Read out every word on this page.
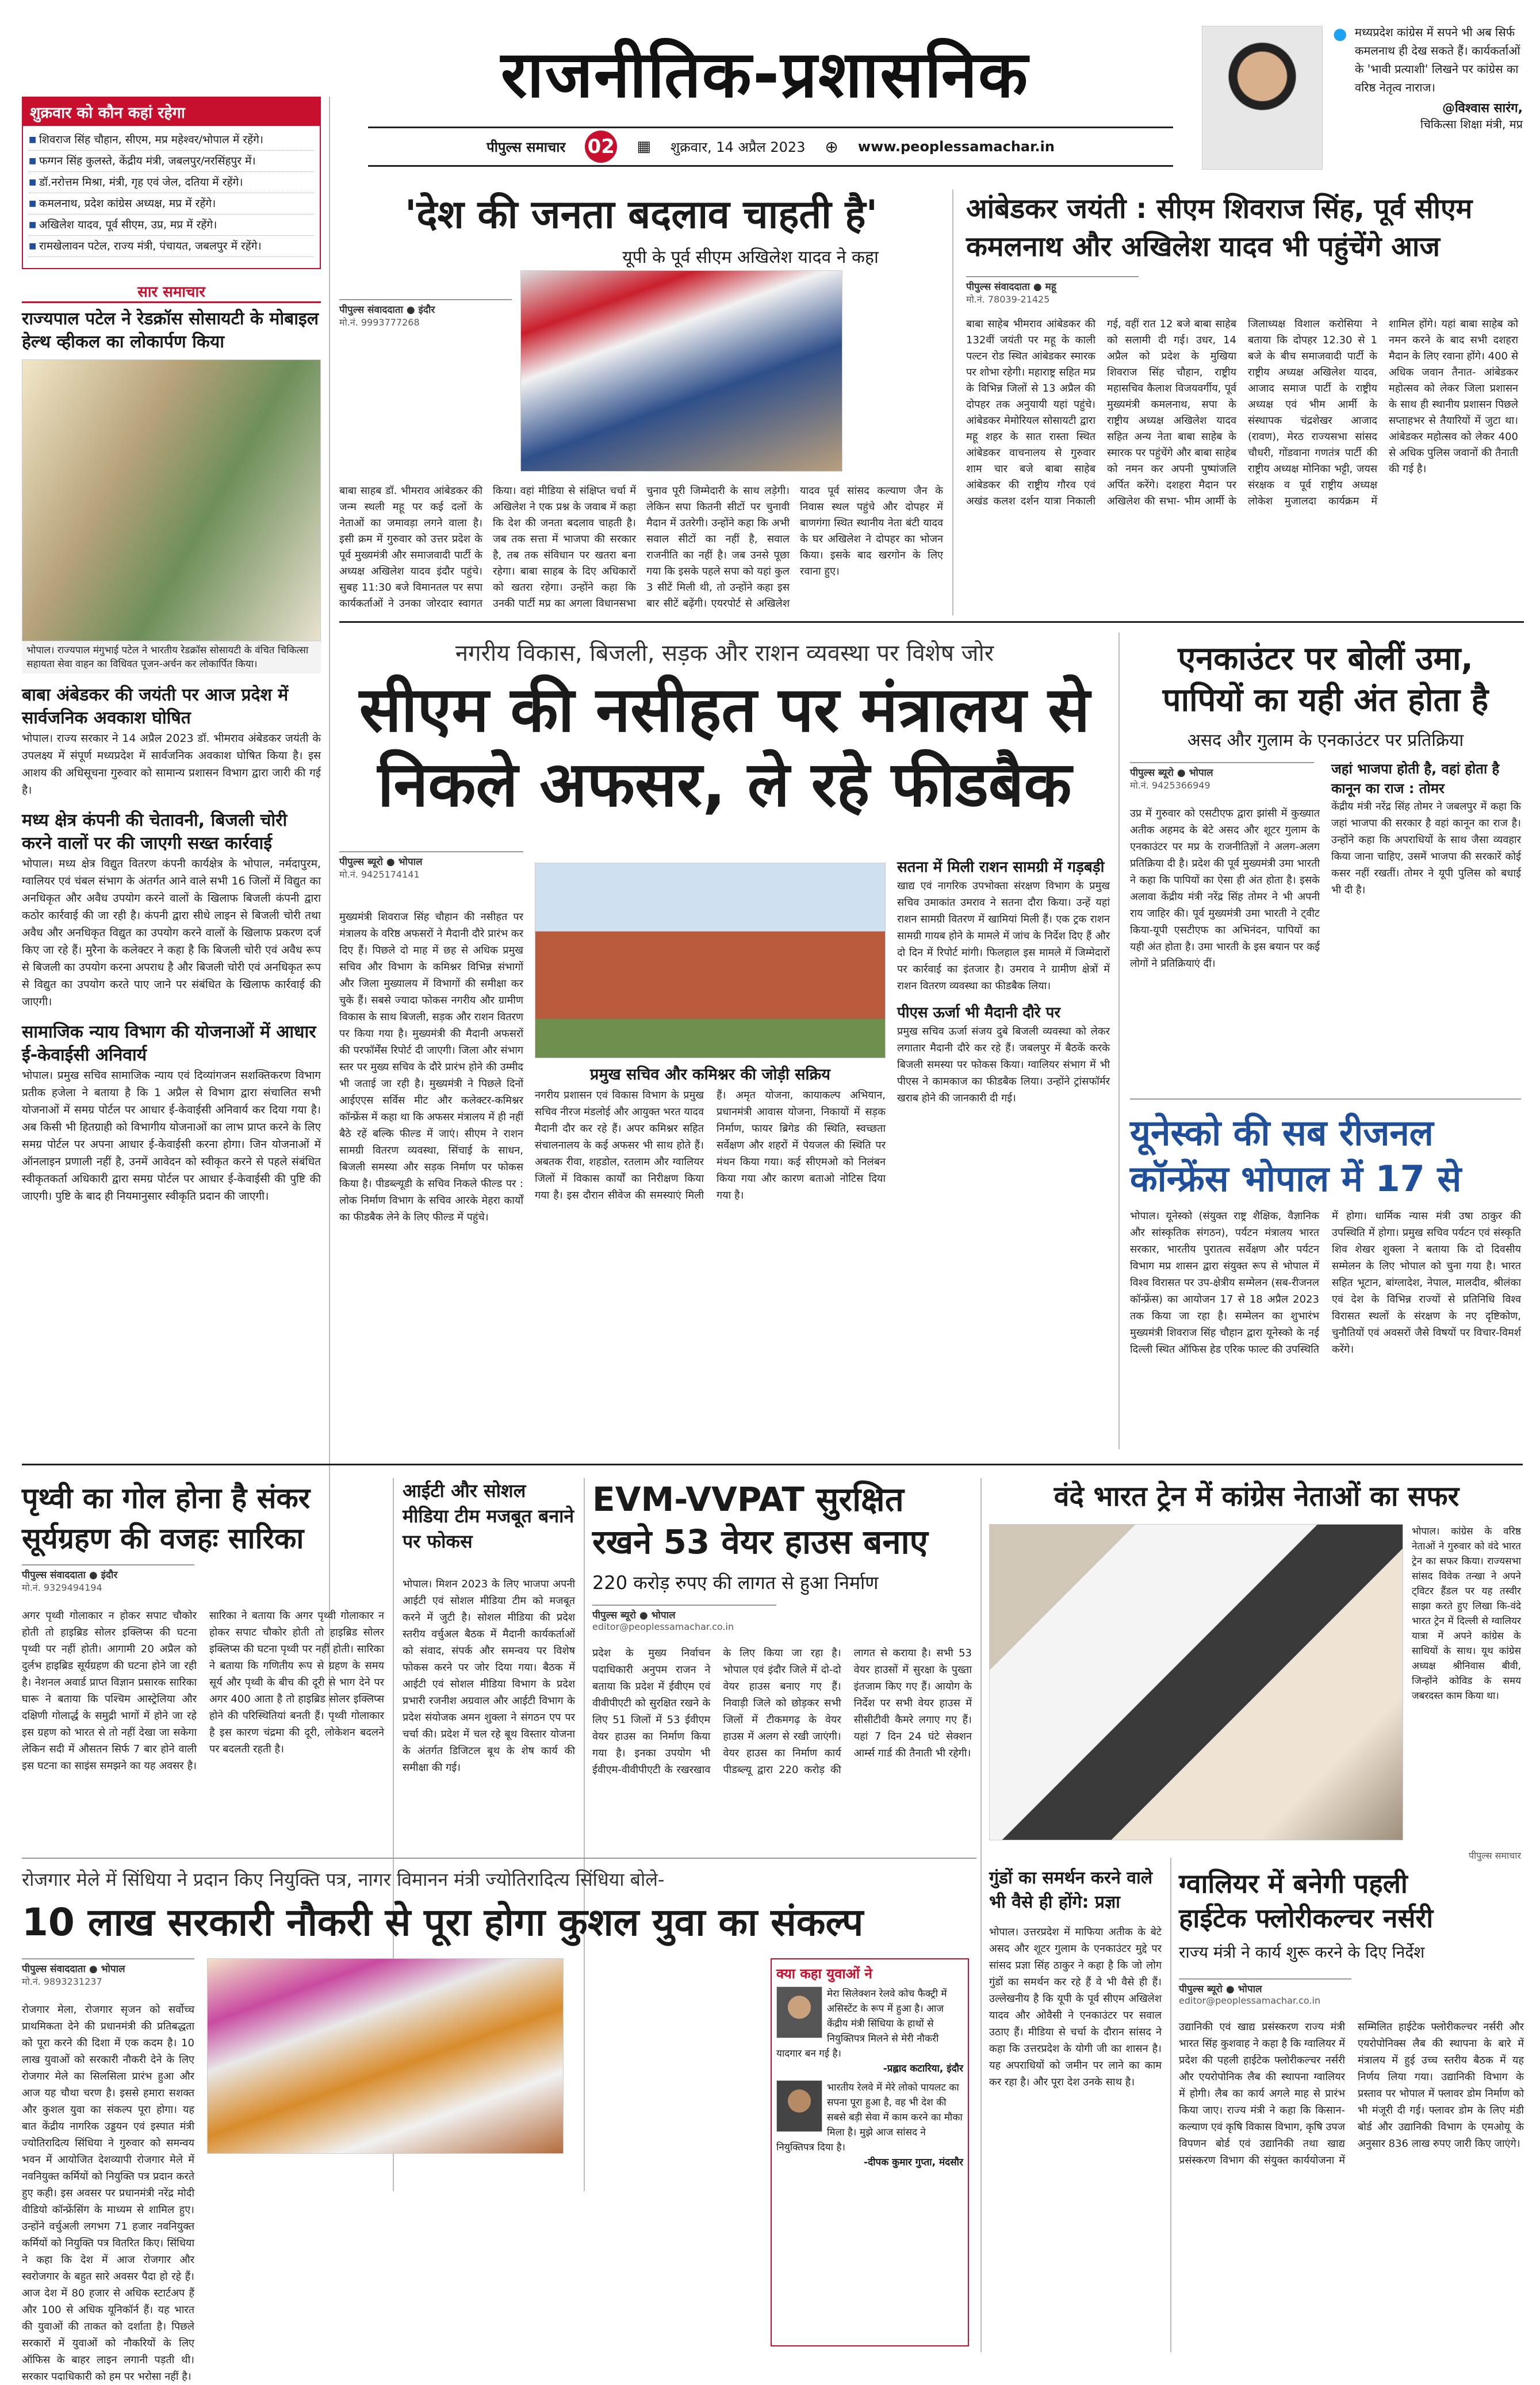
शुक्रवार को कौन कहां रहेगा
■ शिवराज सिंह चौहान, सीएम, मप्र महेश्वर/भोपाल में रहेंगे।
■ फग्गन सिंह कुलस्ते, केंद्रीय मंत्री, जबलपुर/नरसिंहपुर में।
■ डॉ.नरोत्तम मिश्रा, मंत्री, गृह एवं जेल, दतिया में रहेंगे।
■ कमलनाथ, प्रदेश कांग्रेस अध्यक्ष, मप्र में रहेंगे।
■ अखिलेश यादव, पूर्व सीएम, उप्र, मप्र में रहेंगे।
■ रामखेलावन पटेल, राज्य मंत्री, पंचायत, जबलपुर में रहेंगे।
राजनीतिक-प्रशासनिक
पीपुल्स समाचार 02 ▦ शुक्रवार, 14 अप्रैल 2023 ⊕ www.peoplessamachar.in
● मध्यप्रदेश कांग्रेस में सपने भी अब सिर्फ कमलनाथ ही देख सकते हैं। कार्यकर्ताओं के 'भावी प्रत्याशी' लिखने पर कांग्रेस का वरिष्ठ नेतृत्व नाराज।
@विश्वास सारंग,
चिकित्सा शिक्षा मंत्री, मप्र
सार समाचार
राज्यपाल पटेल ने रेडक्रॉस सोसायटी के मोबाइल हेल्थ व्हीकल का लोकार्पण किया
भोपाल। राज्यपाल मंगुभाई पटेल ने भारतीय रेडक्रॉस सोसायटी के वंचित चिकित्सा सहायता सेवा वाहन का विधिवत पूजन-अर्चन कर लोकार्पित किया।
बाबा अंबेडकर की जयंती पर आज प्रदेश में सार्वजनिक अवकाश घोषित
भोपाल। राज्य सरकार ने 14 अप्रैल 2023 डॉ. भीमराव अंबेडकर जयंती के उपलक्ष्य में संपूर्ण मध्यप्रदेश में सार्वजनिक अवकाश घोषित किया है। इस आशय की अधिसूचना गुरुवार को सामान्य प्रशासन विभाग द्वारा जारी की गई है।
मध्य क्षेत्र कंपनी की चेतावनी, बिजली चोरी करने वालों पर की जाएगी सख्त कार्रवाई
भोपाल। मध्य क्षेत्र विद्युत वितरण कंपनी कार्यक्षेत्र के भोपाल, नर्मदापुरम, ग्वालियर एवं चंबल संभाग के अंतर्गत आने वाले सभी 16 जिलों में विद्युत का अनधिकृत और अवैध उपयोग करने वालों के खिलाफ बिजली कंपनी द्वारा कठोर कार्रवाई की जा रही है। कंपनी द्वारा सीधे लाइन से बिजली चोरी तथा अवैध और अनधिकृत विद्युत का उपयोग करने वालों के खिलाफ प्रकरण दर्ज किए जा रहे हैं। मुरैना के कलेक्टर ने कहा है कि बिजली चोरी एवं अवैध रूप से बिजली का उपयोग करना अपराध है और बिजली चोरी एवं अनधिकृत रूप से विद्युत का उपयोग करते पाए जाने पर संबंधित के खिलाफ कार्रवाई की जाएगी।
सामाजिक न्याय विभाग की योजनाओं में आधार ई-केवाईसी अनिवार्य
भोपाल। प्रमुख सचिव सामाजिक न्याय एवं दिव्यांगजन सशक्तिकरण विभाग प्रतीक हजेला ने बताया है कि 1 अप्रैल से विभाग द्वारा संचालित सभी योजनाओं में समग्र पोर्टल पर आधार ई-केवाईसी अनिवार्य कर दिया गया है। अब किसी भी हितग्राही को विभागीय योजनाओं का लाभ प्राप्त करने के लिए समग्र पोर्टल पर अपना आधार ई-केवाईसी करना होगा। जिन योजनाओं में ऑनलाइन प्रणाली नहीं है, उनमें आवेदन को स्वीकृत करने से पहले संबंधित स्वीकृतकर्ता अधिकारी द्वारा समग्र पोर्टल पर आधार ई-केवाईसी की पुष्टि की जाएगी। पुष्टि के बाद ही नियमानुसार स्वीकृति प्रदान की जाएगी।
'देश की जनता बदलाव चाहती है'
यूपी के पूर्व सीएम अखिलेश यादव ने कहा
पीपुल्स संवाददाता ● इंदौर
मो.नं. 9993777268
बाबा साहब डॉ. भीमराव आंबेडकर की जन्म स्थली महू पर कई दलों के नेताओं का जमावड़ा लगने वाला है। इसी क्रम में गुरुवार को उत्तर प्रदेश के पूर्व मुख्यमंत्री और समाजवादी पार्टी के अध्यक्ष अखिलेश यादव इंदौर पहुंचे। सुबह 11:30 बजे विमानतल पर सपा कार्यकर्ताओं ने उनका जोरदार स्वागत किया। वहां मीडिया से संक्षिप्त चर्चा में अखिलेश ने एक प्रश्न के जवाब में कहा कि देश की जनता बदलाव चाहती है। जब तक सत्ता में भाजपा की सरकार है, तब तक संविधान पर खतरा बना रहेगा। बाबा साहब के दिए अधिकारों को खतरा रहेगा। उन्होंने कहा कि उनकी पार्टी मप्र का अगला विधानसभा चुनाव पूरी जिम्मेदारी के साथ लड़ेगी। लेकिन सपा कितनी सीटों पर चुनावी मैदान में उतरेगी। उन्होंने कहा कि अभी सवाल सीटों का नहीं है, सवाल राजनीति का नहीं है। जब उनसे पूछा गया कि इसके पहले सपा को यहां कुल 3 सीटें मिली थी, तो उन्होंने कहा इस बार सीटें बढ़ेंगी। एयरपोर्ट से अखिलेश यादव पूर्व सांसद कल्याण जैन के निवास स्थल पहुंचे और दोपहर में बाणगंगा स्थित स्थानीय नेता बंटी यादव के घर अखिलेश ने दोपहर का भोजन किया। इसके बाद खरगोन के लिए रवाना हुए।
आंबेडकर जयंती : सीएम शिवराज सिंह, पूर्व सीएम
कमलनाथ और अखिलेश यादव भी पहुंचेंगे आज
पीपुल्स संवाददाता ● महू
मो.नं. 78039-21425
बाबा साहेब भीमराव आंबेडकर की 132वीं जयंती पर महू के काली पल्टन रोड स्थित आंबेडकर स्मारक पर शोभा रहेगी। महाराष्ट्र सहित मप्र के विभिन्न जिलों से 13 अप्रैल की दोपहर तक अनुयायी यहां पहुंचे। आंबेडकर मेमोरियल सोसायटी द्वारा महू शहर के सात रास्ता स्थित आंबेडकर वाचनालय से गुरुवार शाम चार बजे बाबा साहेब आंबेडकर की राष्ट्रीय गौरव एवं अखंड कलश दर्शन यात्रा निकाली गई, वहीं रात 12 बजे बाबा साहेब को सलामी दी गई। उधर, 14 अप्रैल को प्रदेश के मुखिया शिवराज सिंह चौहान, राष्ट्रीय महासचिव कैलाश विजयवर्गीय, पूर्व मुख्यमंत्री कमलनाथ, सपा के राष्ट्रीय अध्यक्ष अखिलेश यादव सहित अन्य नेता बाबा साहेब के स्मारक पर पहुंचेंगे और बाबा साहेब को नमन कर अपनी पुष्पांजलि अर्पित करेंगे। दशहरा मैदान पर अखिलेश की सभा- भीम आर्मी के जिलाध्यक्ष विशाल करोसिया ने बताया कि दोपहर 12.30 से 1 बजे के बीच समाजवादी पार्टी के राष्ट्रीय अध्यक्ष अखिलेश यादव, आजाद समाज पार्टी के राष्ट्रीय अध्यक्ष एवं भीम आर्मी के संस्थापक चंद्रशेखर आजाद (रावण), मेरठ राज्यसभा सांसद चौधरी, गोंडवाना गणतंत्र पार्टी की राष्ट्रीय अध्यक्ष मोनिका भट्टी, जयस संरक्षक व पूर्व राष्ट्रीय अध्यक्ष लोकेश मुजालदा कार्यक्रम में शामिल होंगे। यहां बाबा साहेब को नमन करने के बाद सभी दशहरा मैदान के लिए रवाना होंगे। 400 से अधिक जवान तैनात- आंबेडकर महोत्सव को लेकर जिला प्रशासन के साथ ही स्थानीय प्रशासन पिछले सप्ताहभर से तैयारियों में जुटा था। आंबेडकर महोत्सव को लेकर 400 से अधिक पुलिस जवानों की तैनाती की गई है।
नगरीय विकास, बिजली, सड़क और राशन व्यवस्था पर विशेष जोर
सीएम की नसीहत पर मंत्रालय से
निकले अफसर, ले रहे फीडबैक
पीपुल्स ब्यूरो ● भोपाल
मो.नं. 9425174141
मुख्यमंत्री शिवराज सिंह चौहान की नसीहत पर मंत्रालय के वरिष्ठ अफसरों ने मैदानी दौरे प्रारंभ कर दिए हैं। पिछले दो माह में छह से अधिक प्रमुख सचिव और विभाग के कमिश्नर विभिन्न संभागों और जिला मुख्यालय में विभागों की समीक्षा कर चुके हैं। सबसे ज्यादा फोकस नगरीय और ग्रामीण विकास के साथ बिजली, सड़क और राशन वितरण पर किया गया है। मुख्यमंत्री की मैदानी अफसरों की परफॉर्मेंस रिपोर्ट दी जाएगी। जिला और संभाग स्तर पर मुख्य सचिव के दौरे प्रारंभ होने की उम्मीद भी जताई जा रही है। मुख्यमंत्री ने पिछले दिनों आईएएस सर्विस मीट और कलेक्टर-कमिश्नर कॉन्फ्रेंस में कहा था कि अफसर मंत्रालय में ही नहीं बैठे रहें बल्कि फील्ड में जाएं। सीएम ने राशन सामग्री वितरण व्यवस्था, सिंचाई के साधन, बिजली समस्या और सड़क निर्माण पर फोकस किया है। पीडब्ल्यूडी के सचिव निकले फील्ड पर : लोक निर्माण विभाग के सचिव आरके मेहरा कार्यों का फीडबैक लेने के लिए फील्ड में पहुंचे।
प्रमुख सचिव और कमिश्नर की जोड़ी सक्रिय
नगरीय प्रशासन एवं विकास विभाग के प्रमुख सचिव नीरज मंडलोई और आयुक्त भरत यादव मैदानी दौर कर रहे हैं। अपर कमिश्नर सहित संचालनालय के कई अफसर भी साथ होते हैं। अबतक रीवा, शहडोल, रतलाम और ग्वालियर जिलों में विकास कार्यों का निरीक्षण किया गया है। इस दौरान सीवेज की समस्याएं मिली हैं। अमृत योजना, कायाकल्प अभियान, प्रधानमंत्री आवास योजना, निकायों में सड़क निर्माण, फायर ब्रिगेड की स्थिति, स्वच्छता सर्वेक्षण और शहरों में पेयजल की स्थिति पर मंथन किया गया। कई सीएमओ को निलंबन किया गया और कारण बताओ नोटिस दिया गया है।
सतना में मिली राशन सामग्री में गड़बड़ी
खाद्य एवं नागरिक उपभोक्ता संरक्षण विभाग के प्रमुख सचिव उमाकांत उमराव ने सतना दौरा किया। उन्हें यहां राशन सामग्री वितरण में खामियां मिली हैं। एक ट्रक राशन सामग्री गायब होने के मामले में जांच के निर्देश दिए हैं और दो दिन में रिपोर्ट मांगी। फिलहाल इस मामले में जिम्मेदारों पर कार्रवाई का इंतजार है। उमराव ने ग्रामीण क्षेत्रों में राशन वितरण व्यवस्था का फीडबैक लिया।
पीएस ऊर्जा भी मैदानी दौरे पर
प्रमुख सचिव ऊर्जा संजय दुबे बिजली व्यवस्था को लेकर लगातार मैदानी दौरे कर रहे हैं। जबलपुर में बैठकें करके बिजली समस्या पर फोकस किया। ग्वालियर संभाग में भी पीएस ने कामकाज का फीडबैक लिया। उन्होंने ट्रांसफॉर्मर खराब होने की जानकारी दी गई।
एनकाउंटर पर बोलीं उमा,
पापियों का यही अंत होता है
असद और गुलाम के एनकाउंटर पर प्रतिक्रिया
पीपुल्स ब्यूरो ● भोपाल
मो.नं. 9425366949
उप्र में गुरुवार को एसटीएफ द्वारा झांसी में कुख्यात अतीक अहमद के बेटे असद और शूटर गुलाम के एनकाउंटर पर मप्र के राजनीतिज्ञों ने अलग-अलग प्रतिक्रिया दी है। प्रदेश की पूर्व मुख्यमंत्री उमा भारती ने कहा कि पापियों का ऐसा ही अंत होता है। इसके अलावा केंद्रीय मंत्री नरेंद्र सिंह तोमर ने भी अपनी राय जाहिर की। पूर्व मुख्यमंत्री उमा भारती ने ट्वीट किया-यूपी एसटीएफ का अभिनंदन, पापियों का यही अंत होता है। उमा भारती के इस बयान पर कई लोगों ने प्रतिक्रियाएं दीं।
जहां भाजपा होती है, वहां होता है कानून का राज : तोमर
केंद्रीय मंत्री नरेंद्र सिंह तोमर ने जबलपुर में कहा कि जहां भाजपा की सरकार है वहां कानून का राज है। उन्होंने कहा कि अपराधियों के साथ जैसा व्यवहार किया जाना चाहिए, उसमें भाजपा की सरकारें कोई कसर नहीं रखतीं। तोमर ने यूपी पुलिस को बधाई भी दी है।
यूनेस्को की सब रीजनल
कॉन्फ्रेंस भोपाल में 17 से
भोपाल। यूनेस्को (संयुक्त राष्ट्र शैक्षिक, वैज्ञानिक और सांस्कृतिक संगठन), पर्यटन मंत्रालय भारत सरकार, भारतीय पुरातत्व सर्वेक्षण और पर्यटन विभाग मप्र शासन द्वारा संयुक्त रूप से भोपाल में विश्व विरासत पर उप-क्षेत्रीय सम्मेलन (सब-रीजनल कॉन्फ्रेंस) का आयोजन 17 से 18 अप्रैल 2023 तक किया जा रहा है। सम्मेलन का शुभारंभ मुख्यमंत्री शिवराज सिंह चौहान द्वारा यूनेस्को के नई दिल्ली स्थित ऑफिस हेड एरिक फाल्ट की उपस्थिति में होगा। धार्मिक न्यास मंत्री उषा ठाकुर की उपस्थिति में होगा। प्रमुख सचिव पर्यटन एवं संस्कृति शिव शेखर शुक्ला ने बताया कि दो दिवसीय सम्मेलन के लिए भोपाल को चुना गया है। भारत सहित भूटान, बांग्लादेश, नेपाल, मालदीव, श्रीलंका एवं देश के विभिन्न राज्यों से प्रतिनिधि विश्व विरासत स्थलों के संरक्षण के नए दृष्टिकोण, चुनौतियों एवं अवसरों जैसे विषयों पर विचार-विमर्श करेंगे।
पृथ्वी का गोल होना है संकर
सूर्यग्रहण की वजहः सारिका
पीपुल्स संवाददाता ● इंदौर
मो.नं. 9329494194
अगर पृथ्वी गोलाकार न होकर सपाट चौकोर होती तो हाइब्रिड सोलर इक्लिप्स की घटना पृथ्वी पर नहीं होती। आगामी 20 अप्रैल को दुर्लभ हाइब्रिड सूर्यग्रहण की घटना होने जा रही है। नेशनल अवार्ड प्राप्त विज्ञान प्रसारक सारिका घारू ने बताया कि पश्चिम आस्ट्रेलिया और दक्षिणी गोलार्द्ध के समुद्री भागों में होने जा रहे इस ग्रहण को भारत से तो नहीं देखा जा सकेगा लेकिन सदी में औसतन सिर्फ 7 बार होने वाली इस घटना का साइंस समझने का यह अवसर है। सारिका ने बताया कि अगर पृथ्वी गोलाकार न होकर सपाट चौकोर होती तो हाइब्रिड सोलर इक्लिप्स की घटना पृथ्वी पर नहीं होती। सारिका ने बताया कि गणितीय रूप से ग्रहण के समय सूर्य और पृथ्वी के बीच की दूरी से भाग देने पर अगर 400 आता है तो हाइब्रिड सोलर इक्लिप्स होने की परिस्थितियां बनती हैं। पृथ्वी गोलाकार है इस कारण चंद्रमा की दूरी, लोकेशन बदलने पर बदलती रहती है।
आईटी और सोशल मीडिया टीम मजबूत बनाने पर फोकस
भोपाल। मिशन 2023 के लिए भाजपा अपनी आईटी एवं सोशल मीडिया टीम को मजबूत करने में जुटी है। सोशल मीडिया की प्रदेश स्तरीय वर्चुअल बैठक में मैदानी कार्यकर्ताओं को संवाद, संपर्क और समन्वय पर विशेष फोकस करने पर जोर दिया गया। बैठक में आईटी एवं सोशल मीडिया विभाग के प्रदेश प्रभारी रजनीश अग्रवाल और आईटी विभाग के प्रदेश संयोजक अमन शुक्ला ने संगठन एप पर चर्चा की। प्रदेश में चल रहे बूथ विस्तार योजना के अंतर्गत डिजिटल बूथ के शेष कार्य की समीक्षा की गई।
EVM-VVPAT सुरक्षित
रखने 53 वेयर हाउस बनाए
220 करोड़ रुपए की लागत से हुआ निर्माण
पीपुल्स ब्यूरो ● भोपाल
editor@peoplessamachar.co.in
प्रदेश के मुख्य निर्वाचन पदाधिकारी अनुपम राजन ने बताया कि प्रदेश में ईवीएम एवं वीवीपीएटी को सुरक्षित रखने के लिए 51 जिलों में 53 ईवीएम वेयर हाउस का निर्माण किया गया है। इनका उपयोग भी ईवीएम-वीवीपीएटी के रखरखाव के लिए किया जा रहा है। भोपाल एवं इंदौर जिले में दो-दो वेयर हाउस बनाए गए हैं। निवाड़ी जिले को छोड़कर सभी जिलों में टीकमगढ़ के वेयर हाउस में अलग से रखी जाएंगी। वेयर हाउस का निर्माण कार्य पीडब्ल्यू द्वारा 220 करोड़ की लागत से कराया है। सभी 53 वेयर हाउसों में सुरक्षा के पुख्ता इंतजाम किए गए हैं। आयोग के निर्देश पर सभी वेयर हाउस में सीसीटीवी कैमरे लगाए गए हैं। यहां 7 दिन 24 घंटे सेक्शन आर्म्स गार्ड की तैनाती भी रहेगी।
वंदे भारत ट्रेन में कांग्रेस नेताओं का सफर
भोपाल। कांग्रेस के वरिष्ठ नेताओं ने गुरुवार को वंदे भारत ट्रेन का सफर किया। राज्यसभा सांसद विवेक तन्खा ने अपने ट्विटर हैंडल पर यह तस्वीर साझा करते हुए लिखा कि-वंदे भारत ट्रेन में दिल्ली से ग्वालियर यात्रा में अपने कांग्रेस के साथियों के साथ। यूथ कांग्रेस अध्यक्ष श्रीनिवास बीवी, जिन्होंने कोविड के समय जबरदस्त काम किया था।
पीपुल्स समाचार
रोजगार मेले में सिंधिया ने प्रदान किए नियुक्ति पत्र, नागर विमानन मंत्री ज्योतिरादित्य सिंधिया बोले-
10 लाख सरकारी नौकरी से पूरा होगा कुशल युवा का संकल्प
पीपुल्स संवाददाता ● भोपाल
मो.नं. 9893231237
रोजगार मेला, रोजगार सृजन को सर्वोच्च प्राथमिकता देने की प्रधानमंत्री की प्रतिबद्धता को पूरा करने की दिशा में एक कदम है। 10 लाख युवाओं को सरकारी नौकरी देने के लिए रोजगार मेले का सिलसिला प्रारंभ हुआ और आज यह चौथा चरण है। इससे हमारा सशक्त और कुशल युवा का संकल्प पूरा होगा। यह बात केंद्रीय नागरिक उड्डयन एवं इस्पात मंत्री ज्योतिरादित्य सिंधिया ने गुरुवार को समन्वय भवन में आयोजित देशव्यापी रोजगार मेले में नवनियुक्त कर्मियों को नियुक्ति पत्र प्रदान करते हुए कही। इस अवसर पर प्रधानमंत्री नरेंद्र मोदी वीडियो कॉन्फ्रेंसिंग के माध्यम से शामिल हुए। उन्होंने वर्चुअली लगभग 71 हजार नवनियुक्त कर्मियों को नियुक्ति पत्र वितरित किए। सिंधिया ने कहा कि देश में आज रोजगार और स्वरोजगार के बहुत सारे अवसर पैदा हो रहे हैं। आज देश में 80 हजार से अधिक स्टार्टअप हैं और 100 से अधिक यूनिकॉर्न हैं। यह भारत की युवाओं की ताकत को दर्शाता है। पिछले सरकारों में युवाओं को नौकरियों के लिए ऑफिस के बाहर लाइन लगानी पड़ती थी। सरकार पदाधिकारी को हम पर भरोसा नहीं है।
क्या कहा युवाओं ने
मेरा सिलेक्शन रेलवे कोच फैक्ट्री में असिस्टेंट के रूप में हुआ है। आज केंद्रीय मंत्री सिंधिया के हाथों से नियुक्तिपत्र मिलने से मेरी नौकरी यादगार बन गई है।
-प्रह्लाद कटारिया, इंदौर
भारतीय रेलवे में मेरे लोको पायलट का सपना पूरा हुआ है, वह भी देश की सबसे बड़ी सेवा में काम करने का मौका मिला है। मुझे आज सांसद ने नियुक्तिपत्र दिया है।
-दीपक कुमार गुप्ता, मंदसौर
गुंडों का समर्थन करने वाले भी वैसे ही होंगे: प्रज्ञा
भोपाल। उत्तरप्रदेश में माफिया अतीक के बेटे असद और शूटर गुलाम के एनकाउंटर मुद्दे पर सांसद प्रज्ञा सिंह ठाकुर ने कहा है कि जो लोग गुंडों का समर्थन कर रहे हैं वे भी वैसे ही हैं। उल्लेखनीय है कि यूपी के पूर्व सीएम अखिलेश यादव और ओवैसी ने एनकाउंटर पर सवाल उठाए हैं। मीडिया से चर्चा के दौरान सांसद ने कहा कि उत्तरप्रदेश के योगी जी का शासन है। यह अपराधियों को जमीन पर लाने का काम कर रहा है। और पूरा देश उनके साथ है।
ग्वालियर में बनेगी पहली
हाईटेक फ्लोरीकल्चर नर्सरी
राज्य मंत्री ने कार्य शुरू करने के दिए निर्देश
पीपुल्स ब्यूरो ● भोपाल
editor@peoplessamachar.co.in
उद्यानिकी एवं खाद्य प्रसंस्करण राज्य मंत्री भारत सिंह कुशवाह ने कहा है कि ग्वालियर में प्रदेश की पहली हाईटेक फ्लोरीकल्चर नर्सरी और एयरोपोनिक लैब की स्थापना ग्वालियर में होगी। लैब का कार्य अगले माह से प्रारंभ किया जाए। राज्य मंत्री ने कहा कि किसान-कल्याण एवं कृषि विकास विभाग, कृषि उपज विपणन बोर्ड एवं उद्यानिकी तथा खाद्य प्रसंस्करण विभाग की संयुक्त कार्ययोजना में सम्मिलित हाईटेक फ्लोरीकल्चर नर्सरी और एयरोपोनिक्स लैब की स्थापना के बारे में मंत्रालय में हुई उच्च स्तरीय बैठक में यह निर्णय लिया गया। उद्यानिकी विभाग के प्रस्ताव पर भोपाल में फ्लावर डोम निर्माण को भी मंजूरी दी गई। फ्लावर डोम के लिए मंडी बोर्ड और उद्यानिकी विभाग के एमओयू के अनुसार 836 लाख रुपए जारी किए जाएंगे।
